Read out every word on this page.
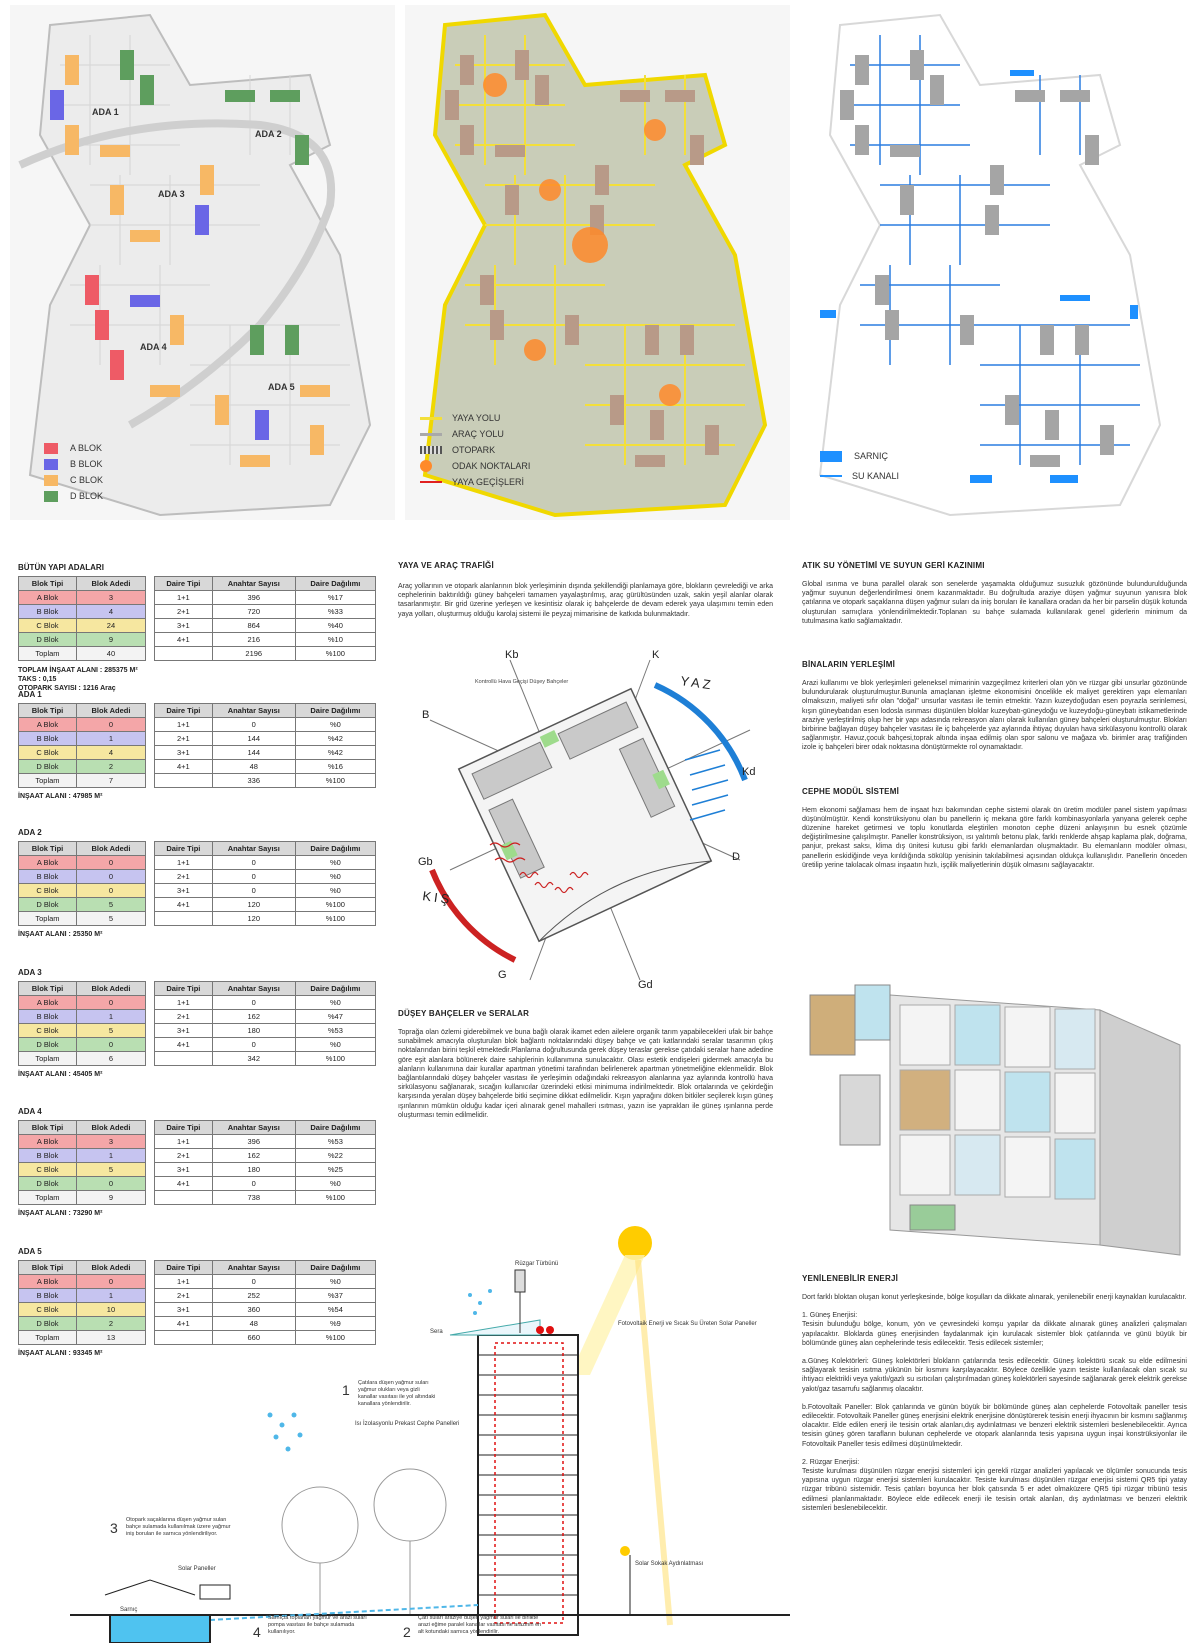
ADA 1
ADA 2
ADA 3
ADA 4
ADA 5
A BLOK
B BLOK
C BLOK
D BLOK
YAYA YOLU
ARAÇ YOLU
OTOPARK
ODAK NOKTALARI
YAYA GEÇİŞLERİ
SARNIÇ
SU KANALI
BÜTÜN YAPI ADALARI
Blok Tipi	Blok Adedi
A Blok	3
B Blok	4
C Blok	24
D Blok	9
Toplam	40
Daire Tipi	Anahtar Sayısı	Daire Dağılımı
1+1	396	%17
2+1	720	%33
3+1	864	%40
4+1	216	%10
	2196	%100
TOPLAM İNŞAAT ALANI : 285375 M²
TAKS : 0,15
OTOPARK SAYISI : 1216 Araç
ADA 1
Blok Tipi	Blok Adedi
A Blok	0
B Blok	1
C Blok	4
D Blok	2
Toplam	7
Daire Tipi	Anahtar Sayısı	Daire Dağılımı
1+1	0	%0
2+1	144	%42
3+1	144	%42
4+1	48	%16
	336	%100
İNŞAAT ALANI : 47985 M²
ADA 2
Blok Tipi	Blok Adedi
A Blok	0
B Blok	0
C Blok	0
D Blok	5
Toplam	5
Daire Tipi	Anahtar Sayısı	Daire Dağılımı
1+1	0	%0
2+1	0	%0
3+1	0	%0
4+1	120	%100
	120	%100
İNŞAAT ALANI : 25350 M²
ADA 3
Blok Tipi	Blok Adedi
A Blok	0
B Blok	1
C Blok	5
D Blok	0
Toplam	6
Daire Tipi	Anahtar Sayısı	Daire Dağılımı
1+1	0	%0
2+1	162	%47
3+1	180	%53
4+1	0	%0
	342	%100
İNŞAAT ALANI : 45405 M²
ADA 4
Blok Tipi	Blok Adedi
A Blok	3
B Blok	1
C Blok	5
D Blok	0
Toplam	9
Daire Tipi	Anahtar Sayısı	Daire Dağılımı
1+1	396	%53
2+1	162	%22
3+1	180	%25
4+1	0	%0
	738	%100
İNŞAAT ALANI : 73290 M²
ADA 5
Blok Tipi	Blok Adedi
A Blok	0
B Blok	1
C Blok	10
D Blok	2
Toplam	13
Daire Tipi	Anahtar Sayısı	Daire Dağılımı
1+1	0	%0
2+1	252	%37
3+1	360	%54
4+1	48	%9
	660	%100
İNŞAAT ALANI : 93345 M²
YAYA VE ARAÇ TRAFİĞİ
Araç yollarının ve otopark alanlarının blok yerleşiminin dışında şekillendiği planlamaya göre, blokların çevrelediği ve arka cephelerinin baktırıldığı güney bahçeleri tamamen yayalaştırılmış, araç gürültüsünden uzak, sakin yeşil alanlar olarak tasarlanmıştır. Bir grid üzerine yerleşen ve kesintisiz olarak iç bahçelerde de devam ederek yaya ulaşımını temin eden yaya yolları, oluşturmuş olduğu karolaj sistemi ile peyzaj mimarisine de katkıda bulunmaktadır.
Kb	K
B
Kd
Gb	D
G
Gd
YAZ
KIŞ
Kontrollü Hava Geçişi Düşey Bahçeler
DÜŞEY BAHÇELER ve SERALAR
Toprağa olan özlemi giderebilmek ve buna bağlı olarak ikamet eden ailelere organik tarım yapabilecekleri ufak bir bahçe sunabilmek amacıyla oluşturulan blok bağlantı noktalarındaki düşey bahçe ve çatı katlarındaki seralar tasarımın çıkış noktalarından birini teşkil etmektedir.Planlama doğrultusunda gerek düşey teraslar gerekse çatıdaki seralar hane adedine göre eşit alanlara bölünerek daire sahiplerinin kullanımına sunulacaktır. Olası estetik endişeleri gidermek amacıyla bu alanların kullanımına dair kurallar apartman yönetimi tarafından belirlenerek apartman yönetmeliğine eklenmelidir. Blok bağlantılarındaki düşey bahçeler vasıtası ile yerleşimin odağındaki rekreasyon alanlarına yaz aylarında kontrollü hava sirkülasyonu sağlanarak, sıcağın kullanıcılar üzerindeki etkisi minimuma indirilmektedir. Blok ortalarında ve çekirdeğin karşısında yeralan düşey bahçelerde bitki seçimine dikkat edilmelidir. Kışın yaprağını döken bitkiler seçilerek kışın güneş ışınlarının mümkün olduğu kadar içeri alınarak genel mahalleri ısıtması, yazın ise yaprakları ile güneş ışınlarına perde oluşturması temin edilmelidir.
ATIK SU YÖNETİMİ VE SUYUN GERİ KAZINIMI
Global ısınma ve buna parallel olarak son senelerde yaşamakta olduğumuz susuzluk gözönünde bulundurulduğunda yağmur suyunun değerlendirilmesi önem kazanmaktadır. Bu doğrultuda araziye düşen yağmur suyunun yanısıra blok çatılarına ve otopark saçaklarına düşen yağmur suları da iniş boruları ile kanallara oradan da her bir parselin düşük kotunda oluşturulan sarnıçlara yönlendirilmektedir.Toplanan su bahçe sulamada kullanılarak genel giderlerin minimum da tutulmasına katkı sağlamaktadır.
BİNALARIN YERLEŞİMİ
Arazi kullanımı ve blok yerleşimleri geleneksel mimarinin vazgeçilmez kriterleri olan yön ve rüzgar gibi unsurlar gözönünde bulundurularak oluşturulmuştur.Bununla amaçlanan işletme ekonomisini öncelikle ek maliyet gerektiren yapı elemanları olmaksızın, maliyeti sıfır olan "doğal" unsurlar vasıtası ile temin etmektir. Yazın kuzeydoğudan esen poyrazla serinlemesi, kışın güneybatıdan esen lodosla ısınması düşünülen bloklar kuzeybatı-güneydoğu ve kuzeydoğu-güneybatı istikametlerinde araziye yerleştirilmiş olup her bir yapı adasında rekreasyon alanı olarak kullanılan güney bahçeleri oluşturulmuştur. Blokları birbirine bağlayan düşey bahçeler vasıtası ile iç bahçelerde yaz aylarında ihtiyaç duyulan hava sirkülasyonu kontrollü olarak sağlanmıştır. Havuz,çocuk bahçesi,toprak altında inşaa edilmiş olan spor salonu ve mağaza vb. birimler araç trafiğinden izole iç bahçeleri birer odak noktasına dönüştürmekte rol oynamaktadır.
CEPHE MODÜL SİSTEMİ
Hem ekonomi sağlaması hem de inşaat hızı bakımından cephe sistemi olarak ön üretim modüler panel sistem yapılması düşünülmüştür. Kendi konstrüksiyonu olan bu panellerin iç mekana göre farklı kombinasyonlarla yanyana gelerek cephe düzenine hareket getirmesi ve toplu konutlarda eleştirilen monoton cephe düzeni anlayışının bu esnek çözümle değiştirilmesine çalışılmıştır. Paneller konstrüksiyon, ısı yalıtımlı betonu plak, farklı renklerde ahşap kaplama plak, doğrama, panjur, prekast saksı, klima dış ünitesi kutusu gibi farklı elemanlardan oluşmaktadır. Bu elemanların modüler olması, panellerin eskidiğinde veya kırıldığında sökülüp yenisinin takılabilmesi açısından oldukça kullanışlıdır. Panellerin önceden üretilip yerine takılacak olması inşaatın hızlı, işçilik maliyetlerinin düşük olmasını sağlayacaktır.
YENİLENEBİLİR ENERJİ
Dort farklı bloktan oluşan konut yerleşkesinde, bölge koşulları da dikkate alınarak, yenilenebilir enerji kaynakları kurulacaktır.
1. Güneş Enerjisi:
Tesisin bulunduğu bölge, konum, yön ve çevresindeki komşu yapılar da dikkate alınarak güneş analizleri çalışmaları yapılacaktır. Bloklarda güneş enerjisinden faydalanmak için kurulacak sistemler blok çatılarında ve günü büyük bir bölümünde güneş alan cephelerinde tesis edilecektir. Tesis edilecek sistemler;
a.Güneş Kolektörleri: Güneş kolektörleri blokların çatılarında tesis edilecektir. Güneş kolektörü sıcak su elde edilmesini sağlayarak tesisin ısıtma yükünün bir kısmını karşılayacaktır. Böylece özellikle yazın tesiste kullanılacak olan sıcak su ihtiyacı elektrikli veya yakıtlı/gazlı su ısıtıcıları çalıştırılmadan güneş kolektörleri sayesinde sağlanarak gerek elektrik gerekse yakıt/gaz tasarrufu sağlanmış olacaktır.
b.Fotovoltaik Paneller: Blok çatılarında ve günün büyük bir bölümünde güneş alan cephelerde Fotovoltaik paneller tesis edilecektir. Fotovoltaik Paneller güneş enerjisini elektrik enerjisine dönüştürerek tesisin enerji ihyacının bir kısmını sağlanmış olacaktır. Elde edilen enerji ile tesisin ortak alanları,dış aydınlatması ve benzeri elektrik sistemleri beslenebilecektir. Ayrıca tesisin güneş gören tarafların bulunan cephelerde ve otopark alanlarında tesis yapısına uygun inşai konstrüksiyonlar ile Fotovoltaik Paneller tesis edilmesi düşünülmektedir.
2. Rüzgar Enerjisi:
Tesiste kurulması düşünülen rüzgar enerjisi sistemleri için gerekli rüzgar analizleri yapılacak ve ölçümler sonucunda tesis yapısına uygun rüzgar enerjisi sistemleri kurulacaktır. Tesiste kurulması düşünülen rüzgar enerjisi sistemi QR5 tipi yatay rüzgar tribünü sistemidir. Tesis çatıları boyunca her blok çatısında 5 er adet olmaküzere QR5 tipi rüzgar tribünü tesis edilmesi planlanmaktadır. Böylece elde edilecek enerji ile tesisin ortak alanları, dış aydınlatması ve benzeri elektrik sistemleri beslenebilecektir.
Rüzgar Türbünü
Sera
Fotovoltaik Enerji ve Sıcak Su Üreten Solar Paneller
Isı İzolasyonlu Prekast Cephe Panelleri
Solar Paneller
Sarnıç
Solar Sokak Aydınlatması
1
2
3
4
Çatılara düşen yağmur suları yağmur olukları veya gizli kanallar vasıtası ile yol altındaki kanallara yönlendirilir.
Çatı suları araziye düşen yağmur suları ile birlikte arazi eğime paralel kanallar vasıtası ile arazinin en alt kotundaki sarnıca yönlendirilir.
Otopark saçaklarına düşen yağmur suları bahçe sulamada kullanılmak üzere yağmur iniş boruları ile sarnıca yönlendiriliyor.
Sarnıçta toplanan yağmur ve arazi suları pompa vasıtası ile bahçe sulamada kullanılıyor.
